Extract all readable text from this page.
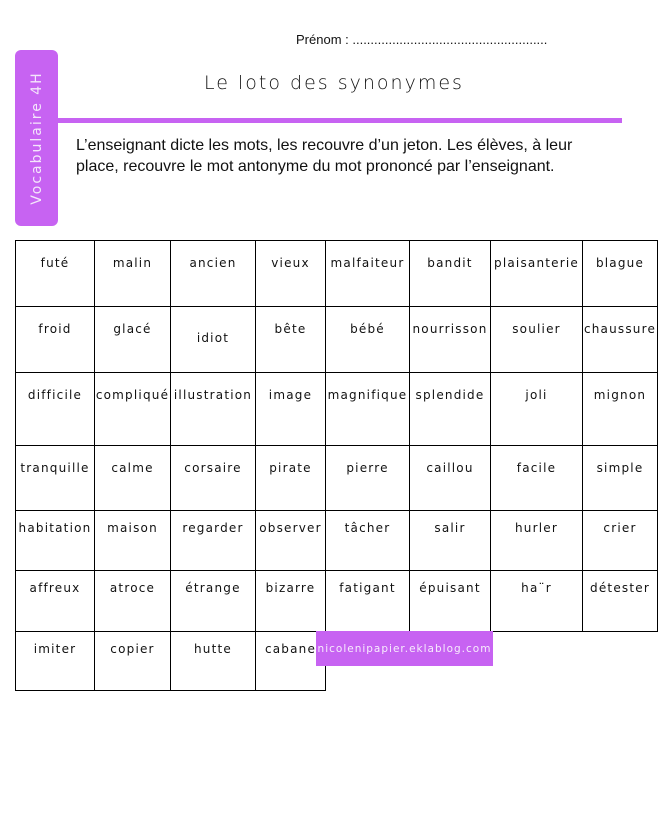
Prénom : ......................................................
Vocabulaire 4H	Le loto des synonymes
L’enseignant dicte les mots, les recouvre d’un jeton. Les élèves, à leur place, recouvre le mot antonyme du mot prononcé par l’enseignant.
futé	malin	ancien	vieux	malfaiteur	bandit	plaisanterie	blague

froid	glacé	idiot	bête	bébé	nourrisson	soulier	chaussure

difficile	compliqué	illustration	image	magnifique	splendide	joli	mignon

tranquille	calme	corsaire	pirate	pierre	caillou	facile	simple

habitation	maison	regarder	observer	tâcher	salir	hurler	crier

affreux	atroce	étrange	bizarre	fatigant	épuisant	ha¨r	détester

imiter	copier	hutte	cabane				
				nicolenipapier.eklablog.com
